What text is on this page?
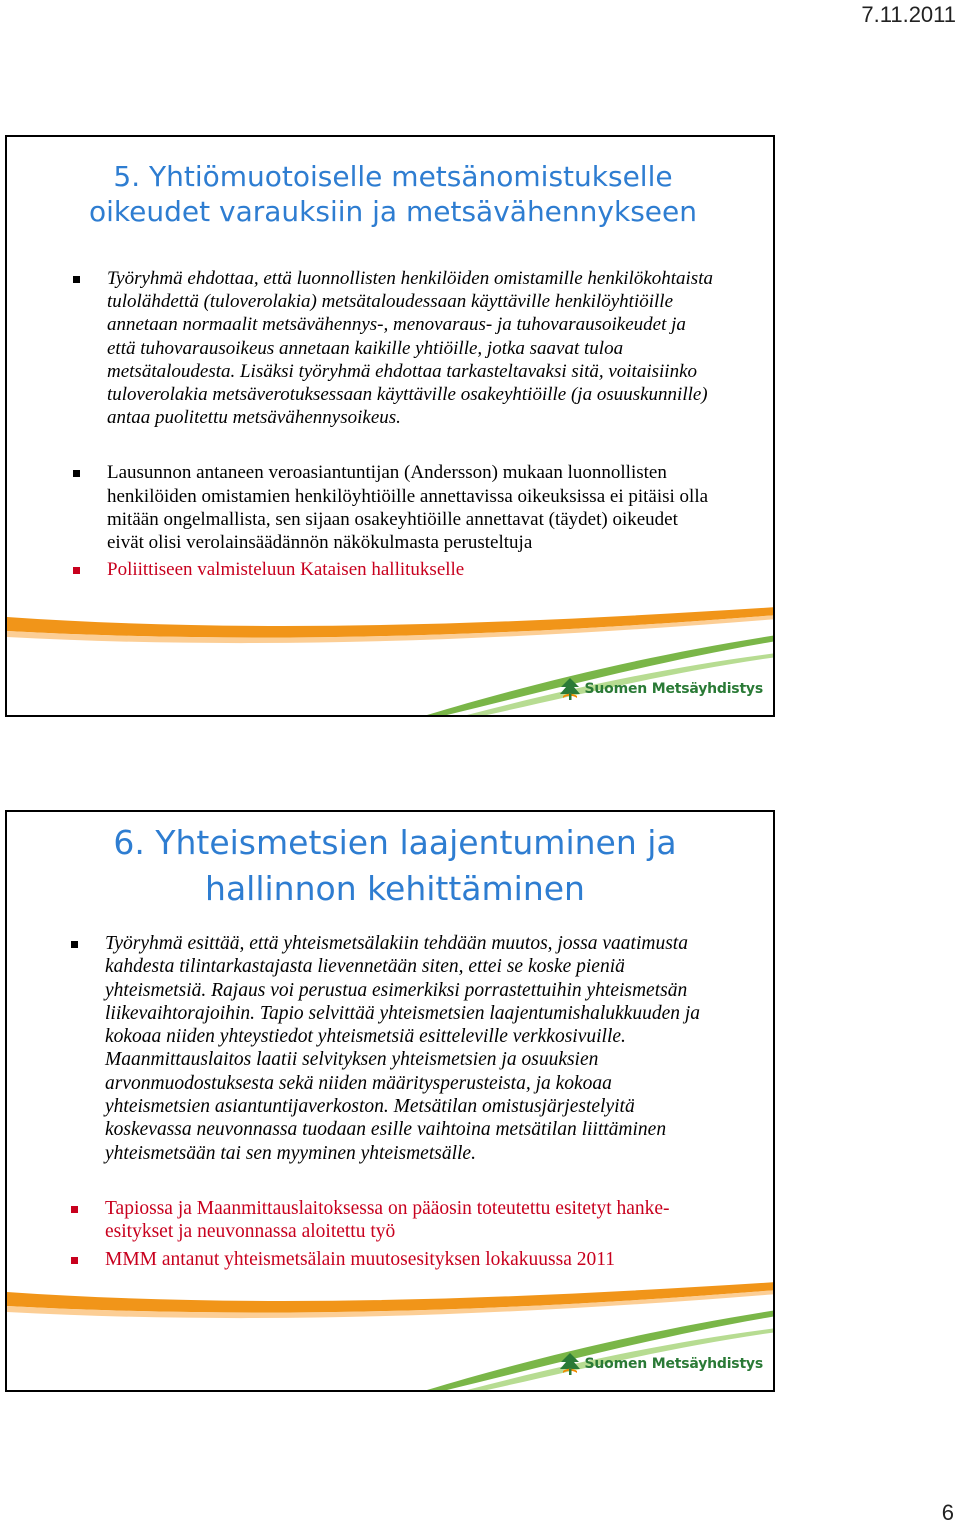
7.11.2011
5. Yhtiömuotoiselle metsänomistukselle oikeudet varauksiin ja metsävähennykseen
Työryhmä ehdottaa, että luonnollisten henkilöiden omistamille henkilökohtaista tulolähdettä (tuloverolakia) metsätaloudessaan käyttäville henkilöyhtiöille annetaan normaalit metsävähennys-, menovaraus- ja tuhovarausoikeudet ja että tuhovarausoikeus annetaan kaikille yhtiöille, jotka saavat tuloa metsätaloudesta. Lisäksi työryhmä ehdottaa tarkasteltavaksi sitä, voitaisiinko tuloverolakia metsäverotuksessaan käyttäville osakeyhtiöille (ja osuuskunnille) antaa puolitettu metsävähennysoikeus.
Lausunnon antaneen veroasiantuntijan (Andersson) mukaan luonnollisten henkilöiden omistamien henkilöyhtiöille annettavissa oikeuksissa ei pitäisi olla mitään ongelmallista, sen sijaan osakeyhtiöille annettavat (täydet) oikeudet eivät olisi verolainsäädännön näkökulmasta perusteltuja
Poliittiseen valmisteluun Kataisen hallitukselle
Suomen Metsäyhdistys
6. Yhteismetsien laajentuminen ja
hallinnon kehittäminen
Työryhmä esittää, että yhteismetsälakiin tehdään muutos, jossa vaatimusta kahdesta tilintarkastajasta lievennetään siten, ettei se koske pieniä yhteismetsiä. Rajaus voi perustua esimerkiksi porrastettuihin yhteismetsän liikevaihtorajoihin. Tapio selvittää yhteismetsien laajentumishalukkuuden ja kokoaa niiden yhteystiedot yhteismetsiä esitteleville verkkosivuille. Maanmittauslaitos laatii selvityksen yhteismetsien ja osuuksien arvonmuodostuksesta sekä niiden määritysperusteista, ja kokoaa yhteismetsien asiantuntijaverkoston. Metsätilan omistusjärjestelyitä koskevassa neuvonnassa tuodaan esille vaihtoina metsätilan liittäminen yhteismetsään tai sen myyminen yhteismetsälle.
Tapiossa ja Maanmittauslaitoksessa on pääosin toteutettu esitetyt hanke-esitykset ja neuvonnassa aloitettu työ
MMM antanut yhteismetsälain muutosesityksen lokakuussa 2011
Suomen Metsäyhdistys
6
